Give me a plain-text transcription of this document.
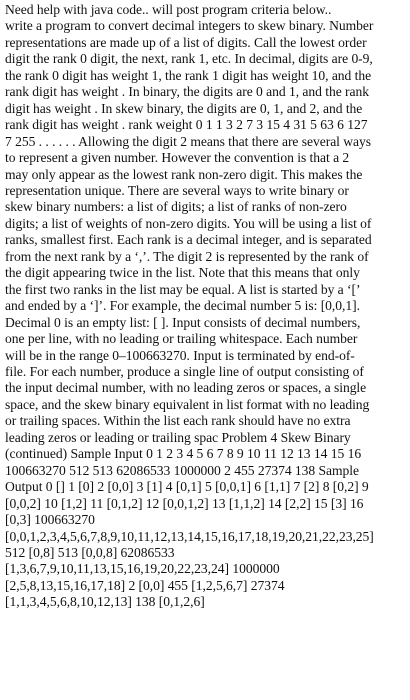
Need help with java code.. will post program criteria below..
write a program to convert decimal integers to skew binary. Number
representations are made up of a list of digits. Call the lowest order
digit the rank 0 digit, the next, rank 1, etc. In decimal, digits are 0-9,
the rank 0 digit has weight 1, the rank 1 digit has weight 10, and the
rank digit has weight . In binary, the digits are 0 and 1, and the rank
digit has weight . In skew binary, the digits are 0, 1, and 2, and the
rank digit has weight . rank weight 0 1 1 3 2 7 3 15 4 31 5 63 6 127
7 255 . . . . . . Allowing the digit 2 means that there are several ways
to represent a given number. However the convention is that a 2
may only appear as the lowest rank non-zero digit. This makes the
representation unique. There are several ways to write binary or
skew binary numbers: a list of digits; a list of ranks of non-zero
digits; a list of weights of non-zero digits. You will be using a list of
ranks, smallest first. Each rank is a decimal integer, and is separated
from the next rank by a ‘,’. The digit 2 is represented by the rank of
the digit appearing twice in the list. Note that this means that only
the first two ranks in the list may be equal. A list is started by a ‘[’
and ended by a ‘]’. For example, the decimal number 5 is: [0,0,1].
Decimal 0 is an empty list: [ ]. Input consists of decimal numbers,
one per line, with no leading or trailing whitespace. Each number
will be in the range 0–100663270. Input is terminated by end-of-
file. For each number, produce a single line of output consisting of
the input decimal number, with no leading zeros or spaces, a single
space, and the skew binary equivalent in list format with no leading
or trailing spaces. Within the list each rank should have no extra
leading zeros or leading or trailing spac Problem 4 Skew Binary
(continued) Sample Input 0 1 2 3 4 5 6 7 8 9 10 11 12 13 14 15 16
100663270 512 513 62086533 1000000 2 455 27374 138 Sample
Output 0 [] 1 [0] 2 [0,0] 3 [1] 4 [0,1] 5 [0,0,1] 6 [1,1] 7 [2] 8 [0,2] 9
[0,0,2] 10 [1,2] 11 [0,1,2] 12 [0,0,1,2] 13 [1,1,2] 14 [2,2] 15 [3] 16
[0,3] 100663270
[0,0,1,2,3,4,5,6,7,8,9,10,11,12,13,14,15,16,17,18,19,20,21,22,23,25]
512 [0,8] 513 [0,0,8] 62086533
[1,3,6,7,9,10,11,13,15,16,19,20,22,23,24] 1000000
[2,5,8,13,15,16,17,18] 2 [0,0] 455 [1,2,5,6,7] 27374
[1,1,3,4,5,6,8,10,12,13] 138 [0,1,2,6]
